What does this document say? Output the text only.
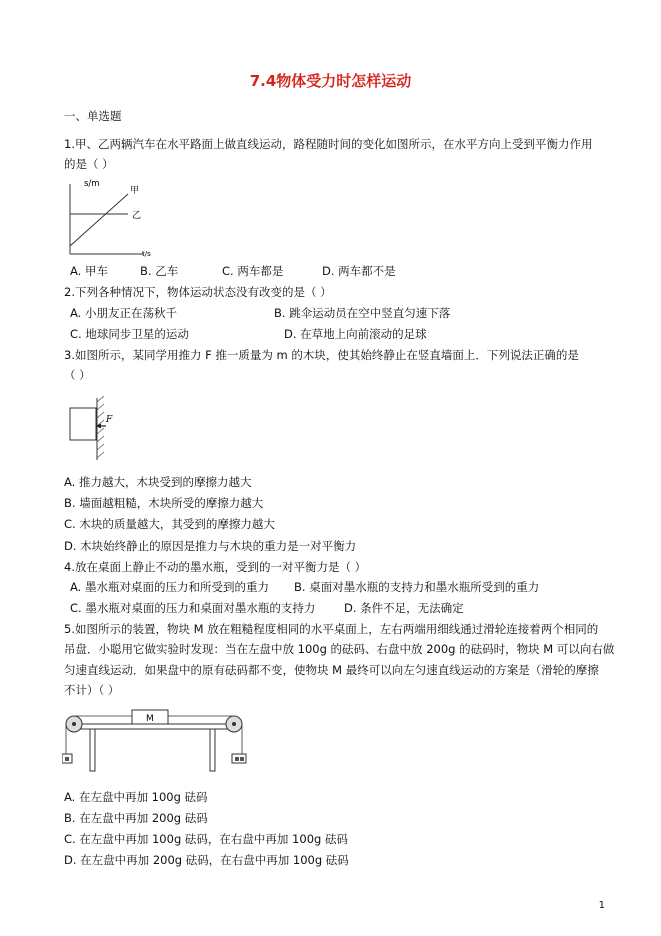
7.4物体受力时怎样运动
一、单选题
1.甲、乙两辆汽车在水平路面上做直线运动，路程随时间的变化如图所示，在水平方向上受到平衡力作用
的是（ ）
s/m
甲
乙
t/s
A. 甲车	B. 乙车	C. 两车都是	D. 两车都不是
2.下列各种情况下，物体运动状态没有改变的是（ ）
A. 小朋友正在荡秋千	B. 跳伞运动员在空中竖直匀速下落
C. 地球同步卫星的运动	D. 在草地上向前滚动的足球
3.如图所示，某同学用推力 F 推一质量为 m 的木块，使其始终静止在竖直墙面上．下列说法正确的是
（ ）
F
A. 推力越大，木块受到的摩擦力越大
B. 墙面越粗糙，木块所受的摩擦力越大
C. 木块的质量越大，其受到的摩擦力越大
D. 木块始终静止的原因是推力与木块的重力是一对平衡力
4.放在桌面上静止不动的墨水瓶，受到的一对平衡力是（ ）
A. 墨水瓶对桌面的压力和所受到的重力 B. 桌面对墨水瓶的支持力和墨水瓶所受到的重力
C. 墨水瓶对桌面的压力和桌面对墨水瓶的支持力 D. 条件不足，无法确定
5.如图所示的装置，物块 M 放在粗糙程度相同的水平桌面上，左右两端用细线通过滑轮连接着两个相同的
吊盘．小聪用它做实验时发现：当在左盘中放 100g 的砝码、右盘中放 200g 的砝码时，物块 M 可以向右做
匀速直线运动．如果盘中的原有砝码都不变，使物块 M 最终可以向左匀速直线运动的方案是（滑轮的摩擦
不计）（ ）
M
A. 在左盘中再加 100g 砝码
B. 在左盘中再加 200g 砝码
C. 在左盘中再加 100g 砝码，在右盘中再加 100g 砝码
D. 在左盘中再加 200g 砝码，在右盘中再加 100g 砝码
1
